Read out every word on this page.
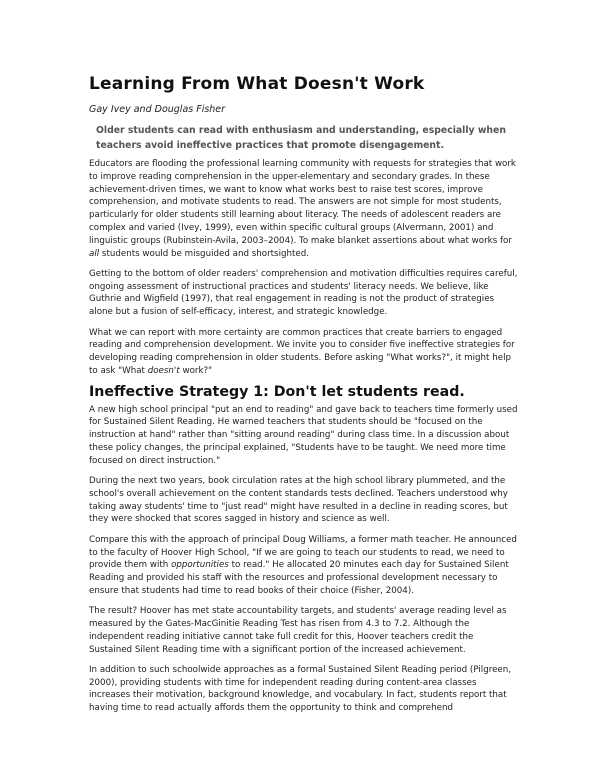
Learning From What Doesn't Work
Gay Ivey and Douglas Fisher
Older students can read with enthusiasm and understanding, especially when teachers avoid ineffective practices that promote disengagement.

Educators are flooding the professional learning community with requests for strategies that work to improve reading comprehension in the upper-elementary and secondary grades. In these achievement-driven times, we want to know what works best to raise test scores, improve comprehension, and motivate students to read. The answers are not simple for most students, particularly for older students still learning about literacy. The needs of adolescent readers are complex and varied (Ivey, 1999), even within specific cultural groups (Alvermann, 2001) and linguistic groups (Rubinstein-Avila, 2003–2004). To make blanket assertions about what works for all students would be misguided and shortsighted.

Getting to the bottom of older readers' comprehension and motivation difficulties requires careful, ongoing assessment of instructional practices and students' literacy needs. We believe, like Guthrie and Wigfield (1997), that real engagement in reading is not the product of strategies alone but a fusion of self-efficacy, interest, and strategic knowledge.

What we can report with more certainty are common practices that create barriers to engaged reading and comprehension development. We invite you to consider five ineffective strategies for developing reading comprehension in older students. Before asking "What works?", it might help to ask "What doesn't work?"

Ineffective Strategy 1: Don't let students read.

A new high school principal "put an end to reading" and gave back to teachers time formerly used for Sustained Silent Reading. He warned teachers that students should be "focused on the instruction at hand" rather than "sitting around reading" during class time. In a discussion about these policy changes, the principal explained, "Students have to be taught. We need more time focused on direct instruction."

During the next two years, book circulation rates at the high school library plummeted, and the school's overall achievement on the content standards tests declined. Teachers understood why taking away students' time to "just read" might have resulted in a decline in reading scores, but they were shocked that scores sagged in history and science as well.

Compare this with the approach of principal Doug Williams, a former math teacher. He announced to the faculty of Hoover High School, "If we are going to teach our students to read, we need to provide them with opportunities to read." He allocated 20 minutes each day for Sustained Silent Reading and provided his staff with the resources and professional development necessary to ensure that students had time to read books of their choice (Fisher, 2004).

The result? Hoover has met state accountability targets, and students' average reading level as measured by the Gates-MacGinitie Reading Test has risen from 4.3 to 7.2. Although the independent reading initiative cannot take full credit for this, Hoover teachers credit the Sustained Silent Reading time with a significant portion of the increased achievement.

In addition to such schoolwide approaches as a formal Sustained Silent Reading period (Pilgreen, 2000), providing students with time for independent reading during content-area classes increases their motivation, background knowledge, and vocabulary. In fact, students report that having time to read actually affords them the opportunity to think and comprehend
